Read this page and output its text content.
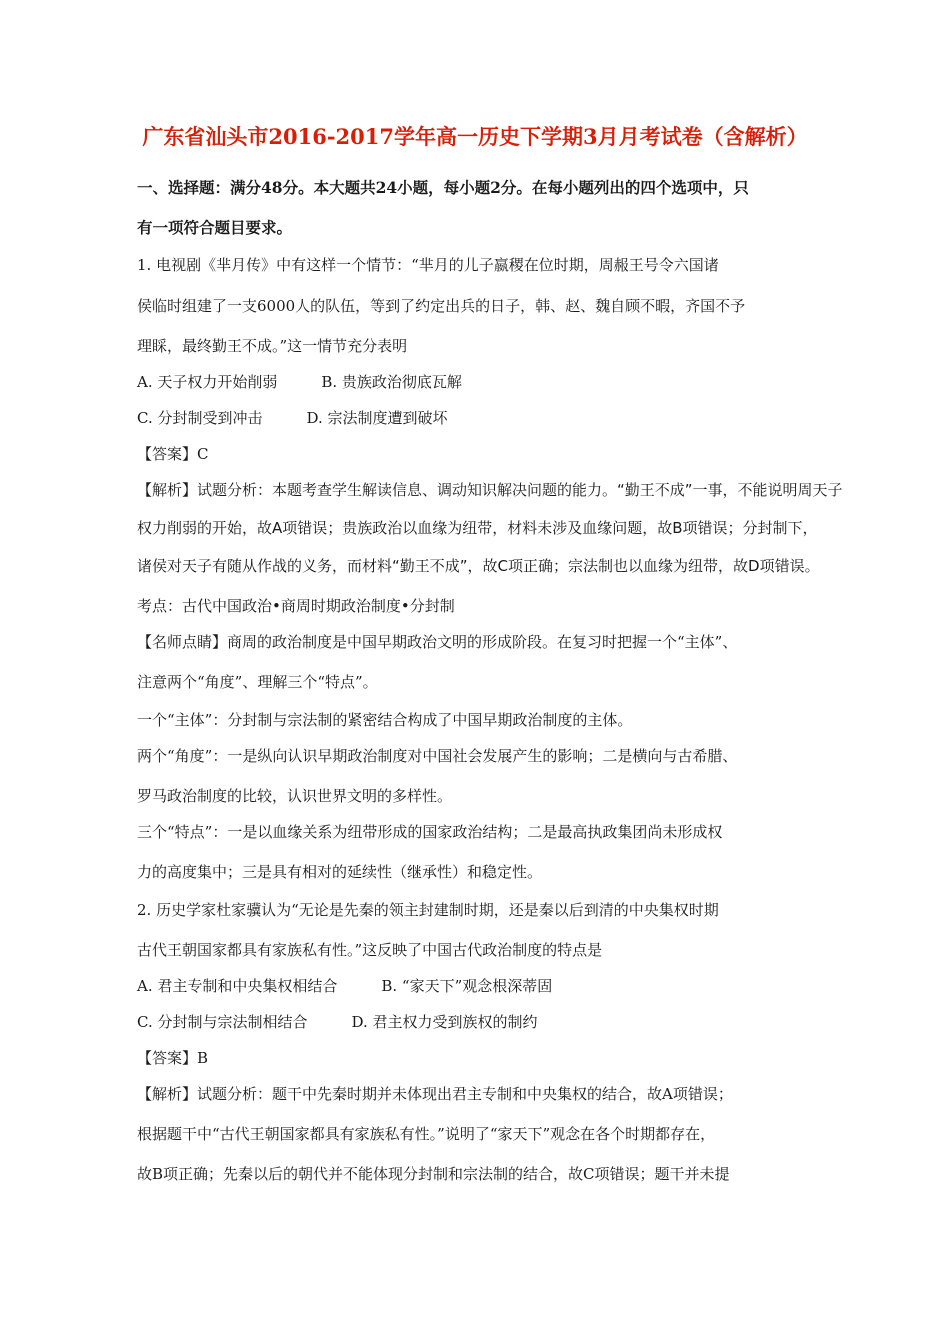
广东省汕头市2016-2017学年高一历史下学期3月月考试卷（含解析）
一、选择题：满分48分。本大题共24小题，每小题2分。在每小题列出的四个选项中，只
有一项符合题目要求。
1. 电视剧《芈月传》中有这样一个情节：“芈月的儿子嬴稷在位时期，周赧王号令六国诸
侯临时组建了一支6000人的队伍，等到了约定出兵的日子，韩、赵、魏自顾不暇，齐国不予
理睬，最终勤王不成。”这一情节充分表明
A. 天子权力开始削弱	B. 贵族政治彻底瓦解
C. 分封制受到冲击	D. 宗法制度遭到破坏
【答案】C
【解析】试题分析：本题考查学生解读信息、调动知识解决问题的能力。“勤王不成”一事，不能说明周天子
权力削弱的开始，故A项错误；贵族政治以血缘为纽带，材料未涉及血缘问题，故B项错误；分封制下，
诸侯对天子有随从作战的义务，而材料“勤王不成”，故C项正确；宗法制也以血缘为纽带，故D项错误。
考点：古代中国政治•商周时期政治制度•分封制
【名师点睛】商周的政治制度是中国早期政治文明的形成阶段。在复习时把握一个“主体”、
注意两个“角度”、理解三个“特点”。
一个“主体”：分封制与宗法制的紧密结合构成了中国早期政治制度的主体。
两个“角度”：一是纵向认识早期政治制度对中国社会发展产生的影响；二是横向与古希腊、
罗马政治制度的比较，认识世界文明的多样性。
三个“特点”：一是以血缘关系为纽带形成的国家政治结构；二是最高执政集团尚未形成权
力的高度集中；三是具有相对的延续性（继承性）和稳定性。
2. 历史学家杜家骥认为“无论是先秦的领主封建制时期，还是秦以后到清的中央集权时期
古代王朝国家都具有家族私有性。”这反映了中国古代政治制度的特点是
A. 君主专制和中央集权相结合	B. “家天下”观念根深蒂固
C. 分封制与宗法制相结合	D. 君主权力受到族权的制约
【答案】B
【解析】试题分析：题干中先秦时期并未体现出君主专制和中央集权的结合，故A项错误；
根据题干中“古代王朝国家都具有家族私有性。”说明了“家天下”观念在各个时期都存在，
故B项正确；先秦以后的朝代并不能体现分封制和宗法制的结合，故C项错误；题干并未提
